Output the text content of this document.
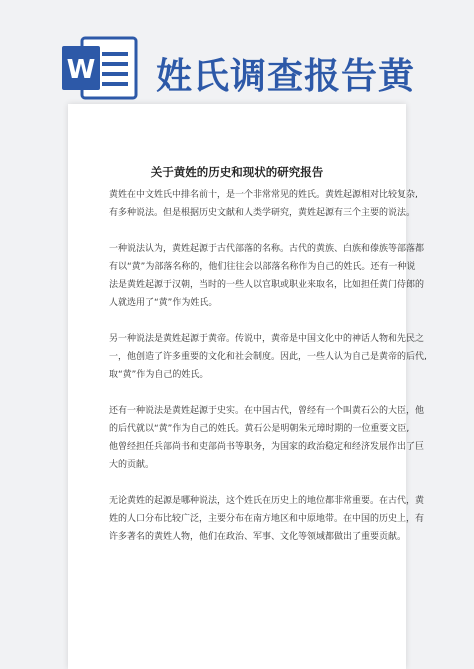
W 姓氏调查报告黄
关于黄姓的历史和现状的研究报告
黄姓在中文姓氏中排名前十，是一个非常常见的姓氏。黄姓起源相对比较复杂,
有多种说法。但是根据历史文献和人类学研究，黄姓起源有三个主要的说法。
一种说法认为，黄姓起源于古代部落的名称。古代的黄族、白族和傣族等部落都
有以“黄”为部落名称的，他们往往会以部落名称作为自己的姓氏。还有一种说
法是黄姓起源于汉朝，当时的一些人以官职或职业来取名，比如担任黄门侍郎的
人就选用了“黄”作为姓氏。
另一种说法是黄姓起源于黄帝。传说中，黄帝是中国文化中的神话人物和先民之
一，他创造了许多重要的文化和社会制度。因此，一些人认为自己是黄帝的后代,
取“黄”作为自己的姓氏。
还有一种说法是黄姓起源于史实。在中国古代，曾经有一个叫黄石公的大臣，他
的后代就以“黄”作为自己的姓氏。黄石公是明朝朱元璋时期的一位重要文臣,
他曾经担任兵部尚书和吏部尚书等职务，为国家的政治稳定和经济发展作出了巨
大的贡献。
无论黄姓的起源是哪种说法，这个姓氏在历史上的地位都非常重要。在古代，黄
姓的人口分布比较广泛，主要分布在南方地区和中原地带。在中国的历史上，有
许多著名的黄姓人物，他们在政治、军事、文化等领域都做出了重要贡献。
